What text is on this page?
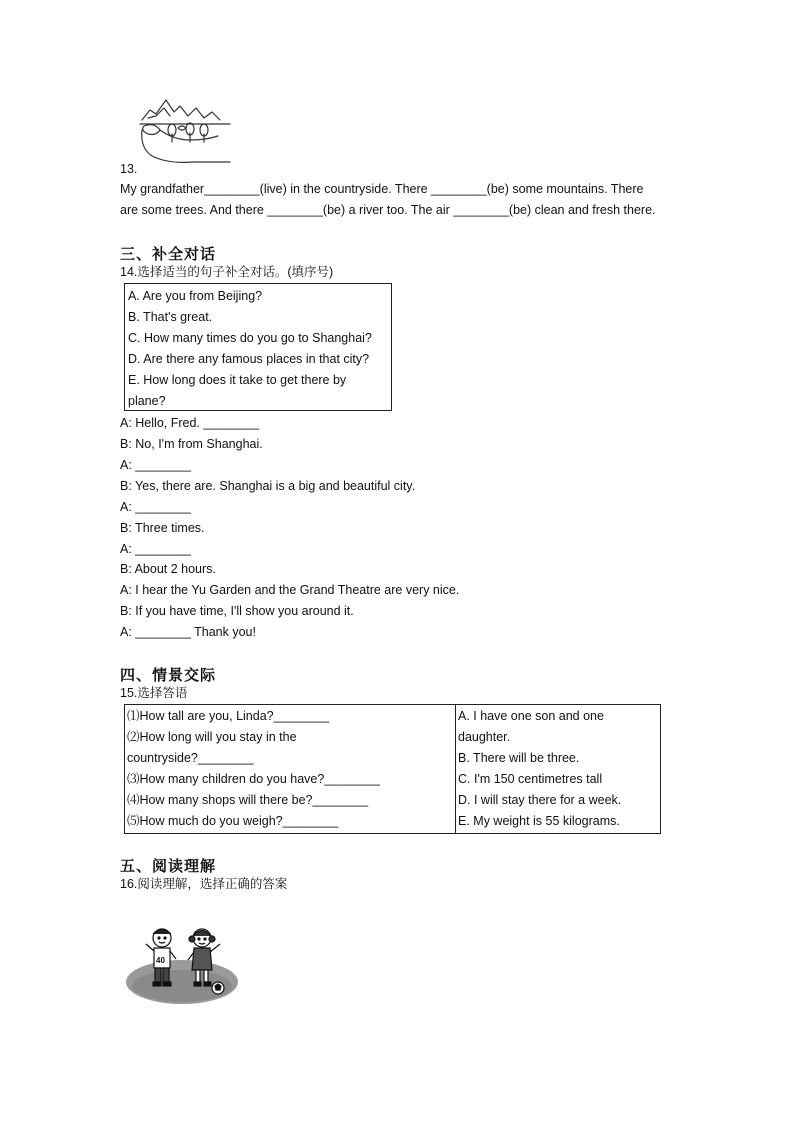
13.
My grandfather________(live) in the countryside. There ________(be) some mountains. There
are some trees. And there ________(be) a river too. The air ________(be) clean and fresh there.
三、补全对话
14.选择适当的句子补全对话。(填序号)
A. Are you from Beijing?
B. That's great.
C. How many times do you go to Shanghai?
D. Are there any famous places in that city?
E. How long does it take to get there by
plane?
A: Hello, Fred. ________
B: No, I'm from Shanghai.
A: ________
B: Yes, there are. Shanghai is a big and beautiful city.
A: ________
B: Three times.
A: ________
B: About 2 hours.
A: I hear the Yu Garden and the Grand Theatre are very nice.
B: If you have time, I'll show you around it.
A: ________ Thank you!
四、情景交际
15.选择答语
⑴How tall are you, Linda?________
⑵How long will you stay in the
countryside?________
⑶How many children do you have?________
⑷How many shops will there be?________
⑸How much do you weigh?________

A. I have one son and one
daughter.
B. There will be three.
C. I'm 150 centimetres tall
D. I will stay there for a week.
E. My weight is 55 kilograms.
五、阅读理解
16.阅读理解，选择正确的答案
40
